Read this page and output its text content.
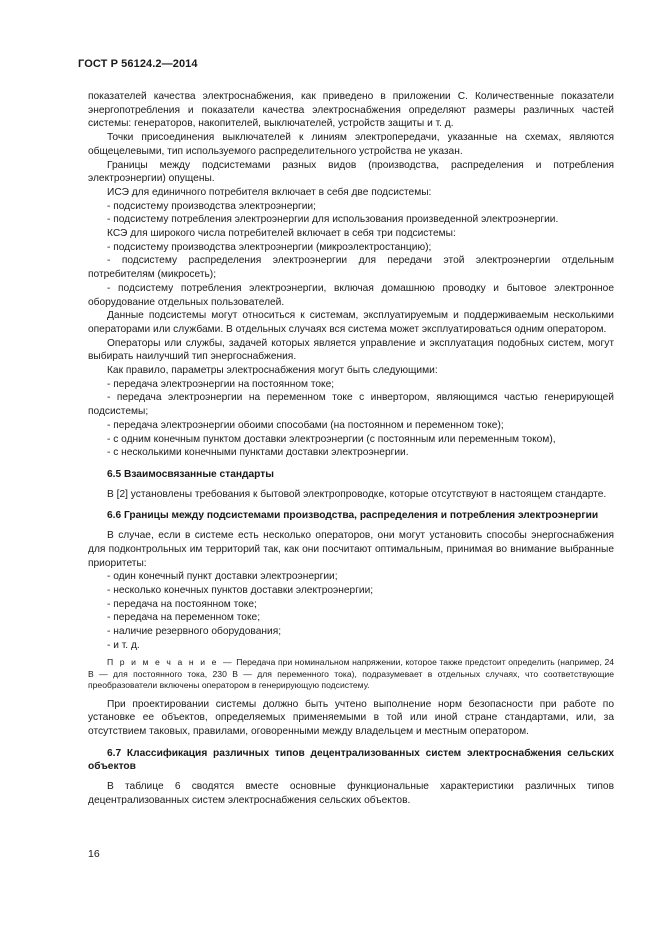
ГОСТ Р 56124.2—2014

показателей качества электроснабжения, как приведено в приложении C. Количественные показатели энергопотребления и показатели качества электроснабжения определяют размеры различных частей системы: генераторов, накопителей, выключателей, устройств защиты и т. д.

Точки присоединения выключателей к линиям электропередачи, указанные на схемах, являются общецелевыми, тип используемого распределительного устройства не указан.

Границы между подсистемами разных видов (производства, распределения и потребления электроэнергии) опущены.

ИСЭ для единичного потребителя включает в себя две подсистемы:

- подсистему производства электроэнергии;

- подсистему потребления электроэнергии для использования произведенной электроэнергии.

КСЭ для широкого числа потребителей включает в себя три подсистемы:

- подсистему производства электроэнергии (микроэлектростанцию);

- подсистему распределения электроэнергии для передачи этой электроэнергии отдельным потребителям (микросеть);

- подсистему потребления электроэнергии, включая домашнюю проводку и бытовое электронное оборудование отдельных пользователей.

Данные подсистемы могут относиться к системам, эксплуатируемым и поддерживаемым несколькими операторами или службами. В отдельных случаях вся система может эксплуатироваться одним оператором.

Операторы или службы, задачей которых является управление и эксплуатация подобных систем, могут выбирать наилучший тип энергоснабжения.

Как правило, параметры электроснабжения могут быть следующими:

- передача электроэнергии на постоянном токе;

- передача электроэнергии на переменном токе с инвертором, являющимся частью генерирующей подсистемы;

- передача электроэнергии обоими способами (на постоянном и переменном токе);

- с одним конечным пунктом доставки электроэнергии (с постоянным или переменным током),

- с несколькими конечными пунктами доставки электроэнергии.

6.5 Взаимосвязанные стандарты

В [2] установлены требования к бытовой электропроводке, которые отсутствуют в настоящем стандарте.

6.6 Границы между подсистемами производства, распределения и потребления электроэнергии

В случае, если в системе есть несколько операторов, они могут установить способы энергоснабжения для подконтрольных им территорий так, как они посчитают оптимальным, принимая во внимание выбранные приоритеты:

- один конечный пункт доставки электроэнергии;

- несколько конечных пунктов доставки электроэнергии;

- передача на постоянном токе;

- передача на переменном токе;

- наличие резервного оборудования;

- и т. д.

П р и м е ч а н и е — Передача при номинальном напряжении, которое также предстоит определить (например, 24 В — для постоянного тока, 230 В — для переменного тока), подразумевает в отдельных случаях, что соответствующие преобразователи включены оператором в генерирующую подсистему.

При проектировании системы должно быть учтено выполнение норм безопасности при работе по установке ее объектов, определяемых применяемыми в той или иной стране стандартами, или, за отсутствием таковых, правилами, оговоренными между владельцем и местным оператором.

6.7 Классификация различных типов децентрализованных систем электроснабжения сельских объектов

В таблице 6 сводятся вместе основные функциональные характеристики различных типов децентрализованных систем электроснабжения сельских объектов.

16
